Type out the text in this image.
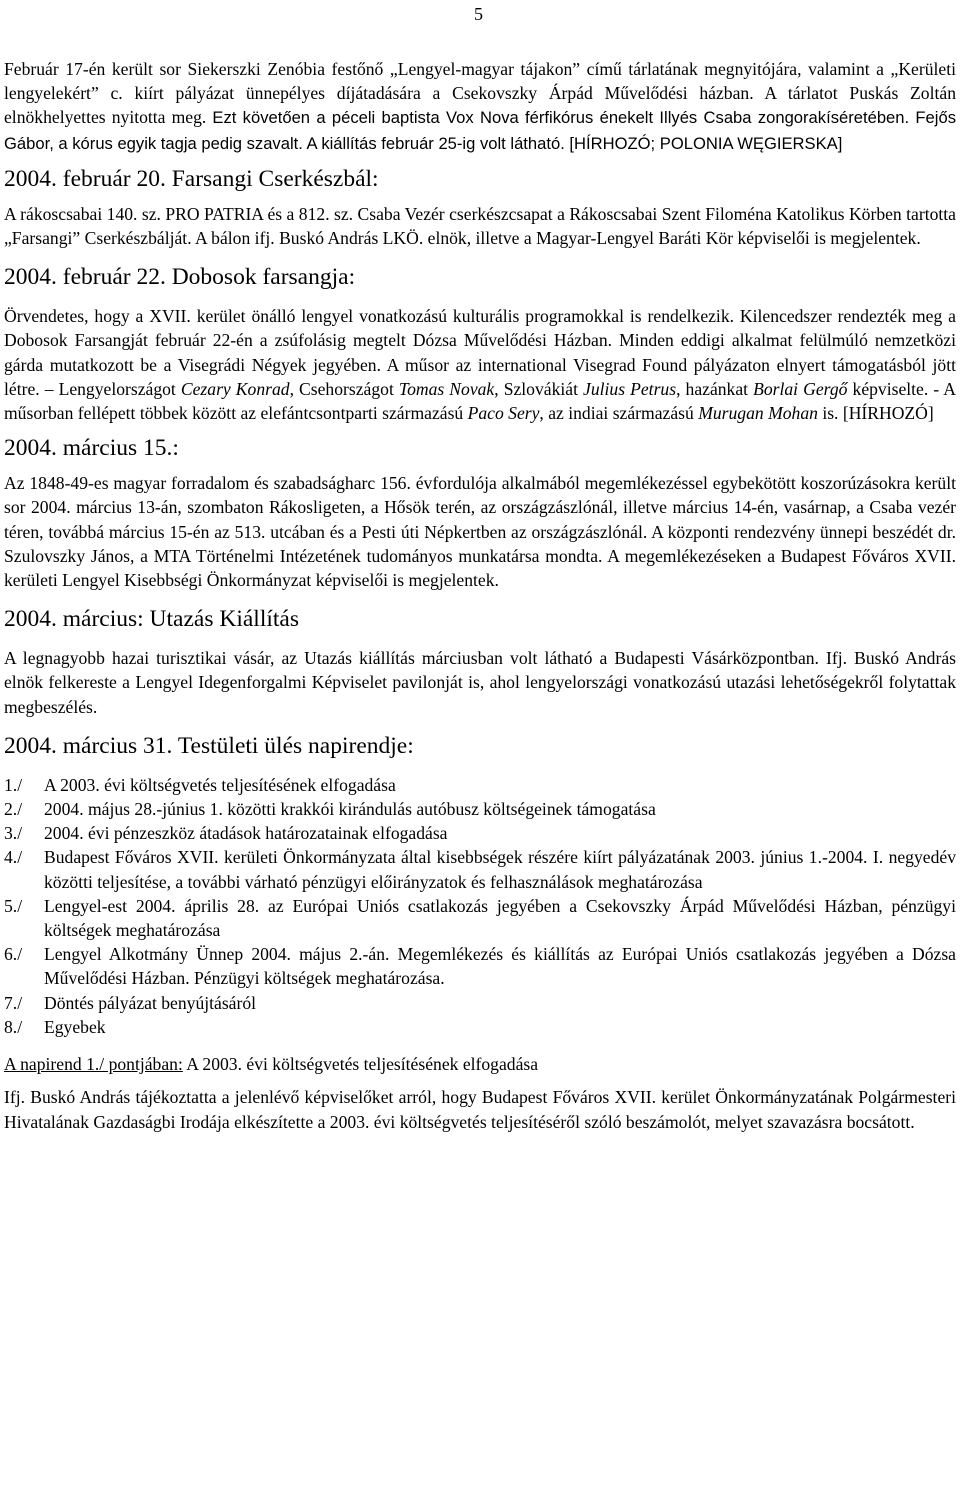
5

Február 17-én került sor Siekerszki Zenóbia festőnő „Lengyel-magyar tájakon” című tárlatának megnyitójára, valamint a „Kerületi lengyelekért” c. kiírt pályázat ünnepélyes díjátadására a Csekovszky Árpád Művelődési házban. A tárlatot Puskás Zoltán elnökhelyettes nyitotta meg. Ezt követően a péceli baptista Vox Nova férfikórus énekelt Illyés Csaba zongorakíséretében. Fejős Gábor, a kórus egyik tagja pedig szavalt. A kiállítás február 25-ig volt látható. [HÍRHOZÓ; POLONIA WĘGIERSKA]

2004. február 20. Farsangi Cserkészbál:

A rákoscsabai 140. sz. PRO PATRIA és a 812. sz. Csaba Vezér cserkészcsapat a Rákoscsabai Szent Filoména Katolikus Körben tartotta „Farsangi” Cserkészbálját. A bálon ifj. Buskó András LKÖ. elnök, illetve a Magyar-Lengyel Baráti Kör képviselői is megjelentek.

2004. február 22. Dobosok farsangja:

Örvendetes, hogy a XVII. kerület önálló lengyel vonatkozású kulturális programokkal is rendelkezik. Kilencedszer rendezték meg a Dobosok Farsangját február 22-én a zsúfolásig megtelt Dózsa Művelődési Házban. Minden eddigi alkalmat felülmúló nemzetközi gárda mutatkozott be a Visegrádi Négyek jegyében. A műsor az international Visegrad Found pályázaton elnyert támogatásból jött létre. – Lengyelországot Cezary Konrad, Csehországot Tomas Novak, Szlovákiát Julius Petrus, hazánkat Borlai Gergő képviselte. - A műsorban fellépett többek között az elefántcsontparti származású Paco Sery, az indiai származású Murugan Mohan is. [HÍRHOZÓ]

2004. március 15.:

Az 1848-49-es magyar forradalom és szabadságharc 156. évfordulója alkalmából megemlékezéssel egybekötött koszorúzásokra került sor 2004. március 13-án, szombaton Rákosligeten, a Hősök terén, az országzászlónál, illetve március 14-én, vasárnap, a Csaba vezér téren, továbbá március 15-én az 513. utcában és a Pesti úti Népkertben az országzászlónál. A központi rendezvény ünnepi beszédét dr. Szulovszky János, a MTA Történelmi Intézetének tudományos munkatársa mondta. A megemlékezéseken a Budapest Főváros XVII. kerületi Lengyel Kisebbségi Önkormányzat képviselői is megjelentek.

2004. március: Utazás Kiállítás

A legnagyobb hazai turisztikai vásár, az Utazás kiállítás márciusban volt látható a Budapesti Vásárközpontban. Ifj. Buskó András elnök felkereste a Lengyel Idegenforgalmi Képviselet pavilonját is, ahol lengyelországi vonatkozású utazási lehetőségekről folytattak megbeszélés.

2004. március 31. Testületi ülés napirendje:
1./	A 2003. évi költségvetés teljesítésének elfogadása
2./	2004. május 28.-június 1. közötti krakkói kirándulás autóbusz költségeinek támogatása
3./	2004. évi pénzeszköz átadások határozatainak elfogadása
4./	Budapest Főváros XVII. kerületi Önkormányzata által kisebbségek részére kiírt pályázatának 2003. június 1.-2004. I. negyedév közötti teljesítése, a további várható pénzügyi előirányzatok és felhasználások meghatározása
5./	Lengyel-est 2004. április 28. az Európai Uniós csatlakozás jegyében a Csekovszky Árpád Művelődési Házban, pénzügyi költségek meghatározása
6./	Lengyel Alkotmány Ünnep 2004. május 2.-án. Megemlékezés és kiállítás az Európai Uniós csatlakozás jegyében a Dózsa Művelődési Házban. Pénzügyi költségek meghatározása.
7./	Döntés pályázat benyújtásáról
8./	Egyebek

A napirend 1./ pontjában: A 2003. évi költségvetés teljesítésének elfogadása

Ifj. Buskó András tájékoztatta a jelenlévő képviselőket arról, hogy Budapest Főváros XVII. kerület Önkormányzatának Polgármesteri Hivatalának Gazdaságbi Irodája elkészítette a 2003. évi költségvetés teljesítéséről szóló beszámolót, melyet szavazásra bocsátott.
